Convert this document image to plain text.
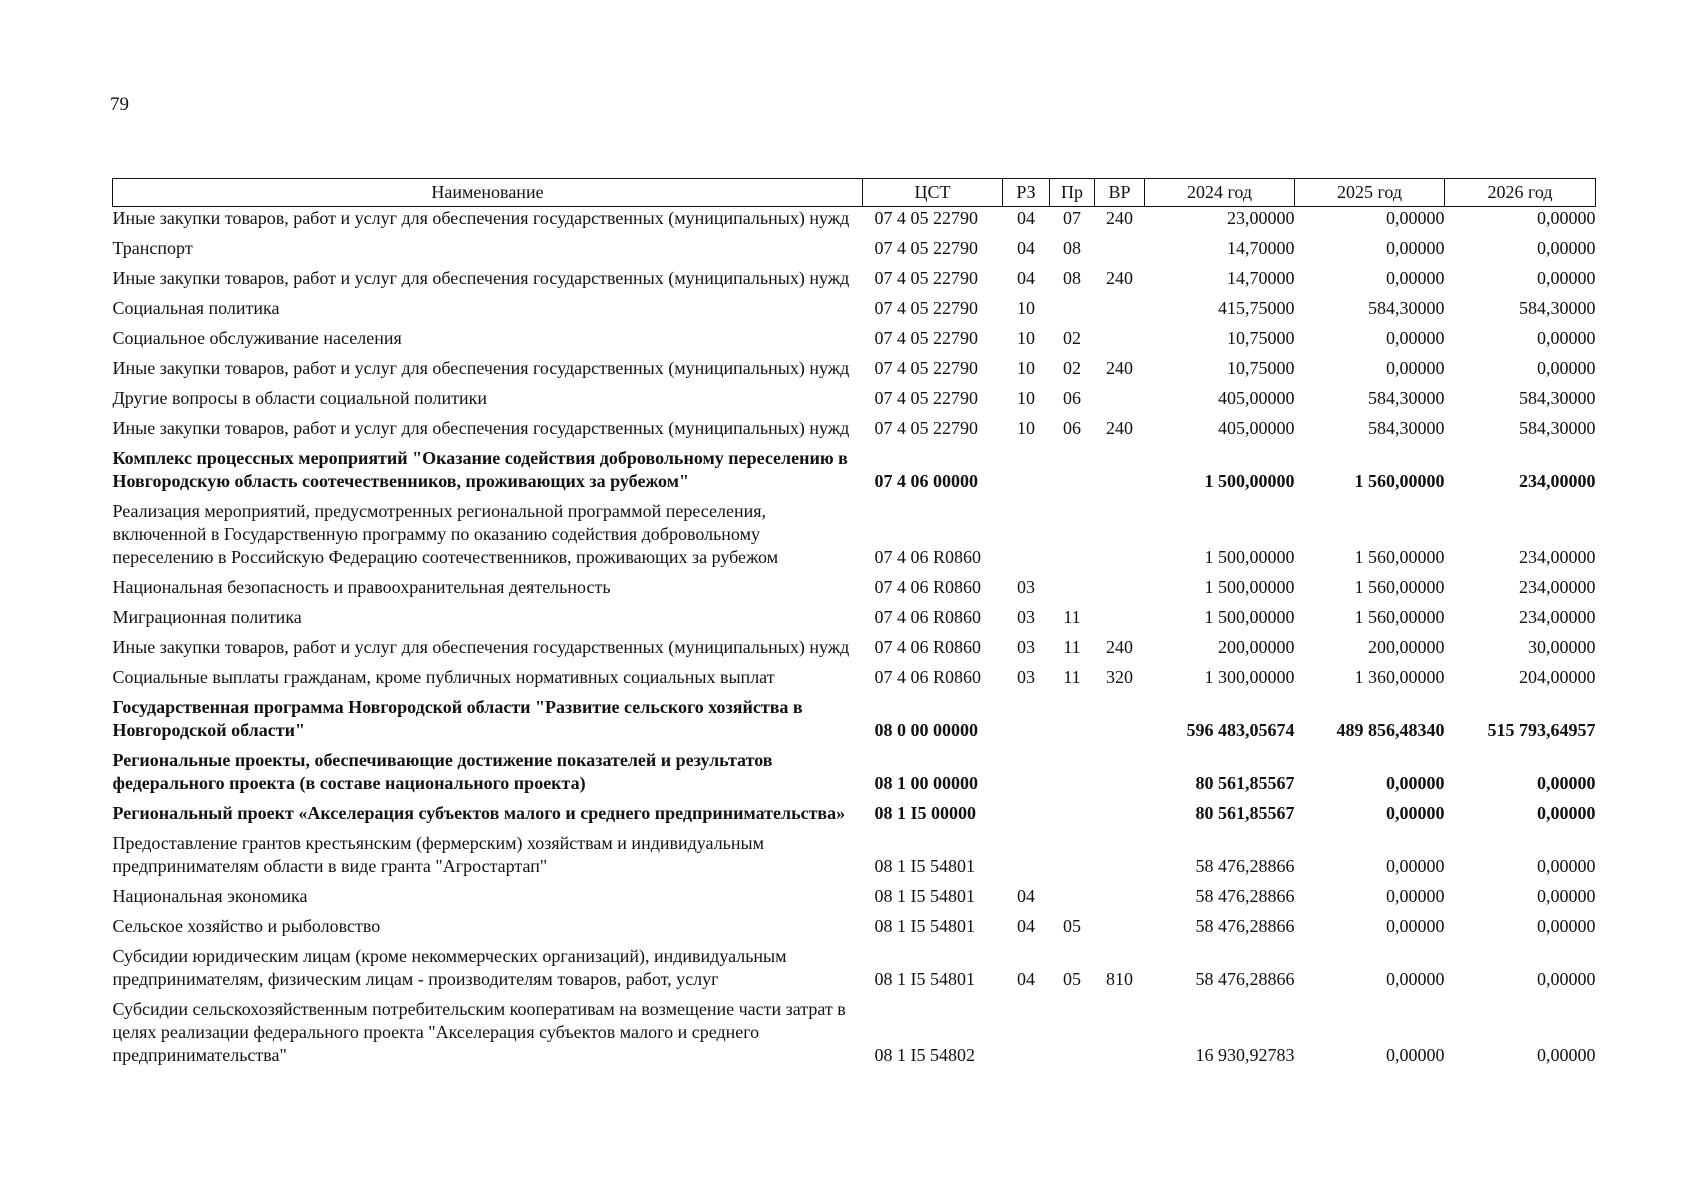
79
Наименование	ЦСТ	РЗ	Пр	ВР	2024 год	2025 год	2026 год
Иные закупки товаров, работ и услуг для обеспечения государственных (муниципальных) нужд	07 4 05 22790	04	07	240	23,00000	0,00000	0,00000
Транспорт	07 4 05 22790	04	08		14,70000	0,00000	0,00000
Иные закупки товаров, работ и услуг для обеспечения государственных (муниципальных) нужд	07 4 05 22790	04	08	240	14,70000	0,00000	0,00000
Социальная политика	07 4 05 22790	10			415,75000	584,30000	584,30000
Социальное обслуживание населения	07 4 05 22790	10	02		10,75000	0,00000	0,00000
Иные закупки товаров, работ и услуг для обеспечения государственных (муниципальных) нужд	07 4 05 22790	10	02	240	10,75000	0,00000	0,00000
Другие вопросы в области социальной политики	07 4 05 22790	10	06		405,00000	584,30000	584,30000
Иные закупки товаров, работ и услуг для обеспечения государственных (муниципальных) нужд	07 4 05 22790	10	06	240	405,00000	584,30000	584,30000
Комплекс процессных мероприятий "Оказание содействия добровольному переселению в Новгородскую область соотечественников, проживающих за рубежом"	07 4 06 00000				1 500,00000	1 560,00000	234,00000
Реализация мероприятий, предусмотренных региональной программой переселения, включенной в Государственную программу по оказанию содействия добровольному переселению в Российскую Федерацию соотечественников, проживающих за рубежом	07 4 06 R0860				1 500,00000	1 560,00000	234,00000
Национальная безопасность и правоохранительная деятельность	07 4 06 R0860	03			1 500,00000	1 560,00000	234,00000
Миграционная политика	07 4 06 R0860	03	11		1 500,00000	1 560,00000	234,00000
Иные закупки товаров, работ и услуг для обеспечения государственных (муниципальных) нужд	07 4 06 R0860	03	11	240	200,00000	200,00000	30,00000
Социальные выплаты гражданам, кроме публичных нормативных социальных выплат	07 4 06 R0860	03	11	320	1 300,00000	1 360,00000	204,00000
Государственная программа Новгородской области "Развитие сельского хозяйства в Новгородской области"	08 0 00 00000				596 483,05674	489 856,48340	515 793,64957
Региональные проекты, обеспечивающие достижение показателей и результатов федерального проекта (в составе национального проекта)	08 1 00 00000				80 561,85567	0,00000	0,00000
Региональный проект «Акселерация субъектов малого и среднего предпринимательства»	08 1 I5 00000				80 561,85567	0,00000	0,00000
Предоставление грантов крестьянским (фермерским) хозяйствам и индивидуальным предпринимателям области в виде гранта "Агростартап"	08 1 I5 54801				58 476,28866	0,00000	0,00000
Национальная экономика	08 1 I5 54801	04			58 476,28866	0,00000	0,00000
Сельское хозяйство и рыболовство	08 1 I5 54801	04	05		58 476,28866	0,00000	0,00000
Субсидии юридическим лицам (кроме некоммерческих организаций), индивидуальным предпринимателям, физическим лицам - производителям товаров, работ, услуг	08 1 I5 54801	04	05	810	58 476,28866	0,00000	0,00000
Субсидии сельскохозяйственным потребительским кооперативам на возмещение части затрат в целях реализации федерального проекта "Акселерация субъектов малого и среднего предпринимательства"	08 1 I5 54802				16 930,92783	0,00000	0,00000
